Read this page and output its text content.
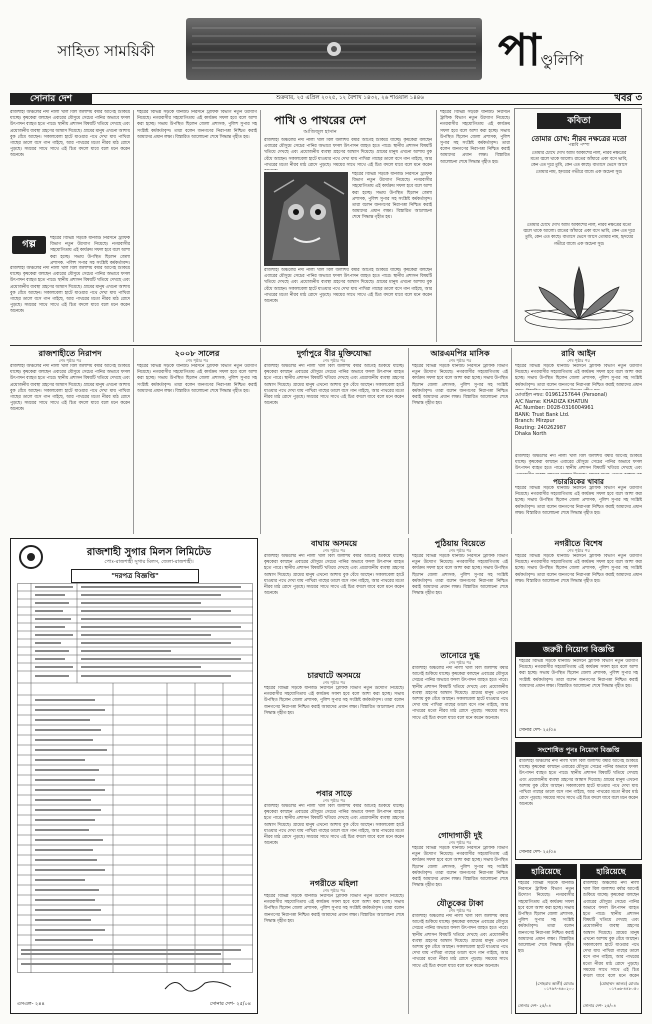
সাহিত্য সাময়িকী	পাণ্ডুলিপি
সোনার দেশ	শুক্রবার, ২৫ এপ্রিল ২০২৫, ১২ বৈশাখ ১৪৩২, ২৬ শাওয়াল ১৪৪৬	খবর ৩
রাজশাহী অঞ্চলের নদী নালা খাল বিল জলাশয় বর্ষার আগেই শুকিয়ে যাচ্ছে। কৃষকেরা বলছেন এবারের মৌসুমে সেচের পানির অভাবে ফসল উৎপাদন ব্যাহত হতে পারে। স্থানীয় প্রশাসন বিষয়টি খতিয়ে দেখছে এবং প্রয়োজনীয় ব্যবস্থা গ্রহণের আশ্বাস দিয়েছে। গ্রামের মানুষ এখনো আশায় বুক বেঁধে আছেন। সকালবেলা হাটে যাওয়ার পথে দেখা যায় পাখিরা গাছের ডালে বসে গান গাইছে, আর পাথরের মতো নীরব মাঠ রোদে পুড়ছে। সময়ের সাথে সাথে এই চিত্র বদলে যাবে বলে মনে করেন অনেকে।
গল্প
শহরের বিভিন্ন সড়কে যানজট নিরসনে ট্রাফিক বিভাগ নতুন উদ্যোগ নিয়েছে। নগরবাসীর সহযোগিতায় এই কার্যক্রম সফল হবে বলে আশা করা হচ্ছে। সভায় উপস্থিত ছিলেন জেলা প্রশাসক, পুলিশ সুপার সহ সংশ্লিষ্ট কর্মকর্তাবৃন্দ।
রাজশাহী অঞ্চলের নদী নালা খাল বিল জলাশয় বর্ষার আগেই শুকিয়ে যাচ্ছে। কৃষকেরা বলছেন এবারের মৌসুমে সেচের পানির অভাবে ফসল উৎপাদন ব্যাহত হতে পারে। স্থানীয় প্রশাসন বিষয়টি খতিয়ে দেখছে এবং প্রয়োজনীয় ব্যবস্থা গ্রহণের আশ্বাস দিয়েছে। গ্রামের মানুষ এখনো আশায় বুক বেঁধে আছেন। সকালবেলা হাটে যাওয়ার পথে দেখা যায় পাখিরা গাছের ডালে বসে গান গাইছে, আর পাথরের মতো নীরব মাঠ রোদে পুড়ছে। সময়ের সাথে সাথে এই চিত্র বদলে যাবে বলে মনে করেন অনেকে।
শহরের বিভিন্ন সড়কে যানজট নিরসনে ট্রাফিক বিভাগ নতুন উদ্যোগ নিয়েছে। নগরবাসীর সহযোগিতায় এই কার্যক্রম সফল হবে বলে আশা করা হচ্ছে। সভায় উপস্থিত ছিলেন জেলা প্রশাসক, পুলিশ সুপার সহ সংশ্লিষ্ট কর্মকর্তাবৃন্দ। তারা বলেন জনগণের নিরাপত্তা নিশ্চিত করাই আমাদের প্রধান লক্ষ্য। বিস্তারিত আলোচনা শেষে সিদ্ধান্ত গৃহীত হয়।
পাখি ও পাথরের দেশ
আজিজুল হাসান
রাজশাহী অঞ্চলের নদী নালা খাল বিল জলাশয় বর্ষার আগেই শুকিয়ে যাচ্ছে। কৃষকেরা বলছেন এবারের মৌসুমে সেচের পানির অভাবে ফসল উৎপাদন ব্যাহত হতে পারে। স্থানীয় প্রশাসন বিষয়টি খতিয়ে দেখছে এবং প্রয়োজনীয় ব্যবস্থা গ্রহণের আশ্বাস দিয়েছে। গ্রামের মানুষ এখনো আশায় বুক বেঁধে আছেন। সকালবেলা হাটে যাওয়ার পথে দেখা যায় পাখিরা গাছের ডালে বসে গান গাইছে, আর পাথরের মতো নীরব মাঠ রোদে পুড়ছে। সময়ের সাথে সাথে এই চিত্র বদলে যাবে বলে মনে করেন
শহরের বিভিন্ন সড়কে যানজট নিরসনে ট্রাফিক বিভাগ নতুন উদ্যোগ নিয়েছে। নগরবাসীর সহযোগিতায় এই কার্যক্রম সফল হবে বলে আশা করা হচ্ছে। সভায় উপস্থিত ছিলেন জেলা প্রশাসক, পুলিশ সুপার সহ সংশ্লিষ্ট কর্মকর্তাবৃন্দ। তারা বলেন জনগণের নিরাপত্তা নিশ্চিত করাই আমাদের প্রধান লক্ষ্য। বিস্তারিত আলোচনা শেষে সিদ্ধান্ত গৃহীত হয়।
রাজশাহী অঞ্চলের নদী নালা খাল বিল জলাশয় বর্ষার আগেই শুকিয়ে যাচ্ছে। কৃষকেরা বলছেন এবারের মৌসুমে সেচের পানির অভাবে ফসল উৎপাদন ব্যাহত হতে পারে। স্থানীয় প্রশাসন বিষয়টি খতিয়ে দেখছে এবং প্রয়োজনীয় ব্যবস্থা গ্রহণের আশ্বাস দিয়েছে। গ্রামের মানুষ এখনো আশায় বুক বেঁধে আছেন। সকালবেলা হাটে যাওয়ার পথে দেখা যায় পাখিরা গাছের ডালে বসে গান গাইছে, আর পাথরের মতো নীরব মাঠ রোদে পুড়ছে। সময়ের সাথে সাথে এই চিত্র বদলে যাবে বলে মনে করেন অনেকে।
শহরের বিভিন্ন সড়কে যানজট নিরসনে ট্রাফিক বিভাগ নতুন উদ্যোগ নিয়েছে। নগরবাসীর সহযোগিতায় এই কার্যক্রম সফল হবে বলে আশা করা হচ্ছে। সভায় উপস্থিত ছিলেন জেলা প্রশাসক, পুলিশ সুপার সহ সংশ্লিষ্ট কর্মকর্তাবৃন্দ। তারা বলেন জনগণের নিরাপত্তা নিশ্চিত করাই আমাদের প্রধান লক্ষ্য। বিস্তারিত আলোচনা শেষে সিদ্ধান্ত গৃহীত হয়।
কবিতা
তোমার চোখ: নীরব নক্ষত্রের মতো
পল্লবি পম্পা
তোমার চোখে দেখি আমি আকাশের নীল, নীরব নক্ষত্রের মতো জ্বলে থাকে আলো। রাতের আঁধারে একা বসে ভাবি, কেন এত দূরে তুমি, কেন এত কাছে। বাতাসে ভেসে আসে তোমার নাম, হৃদয়ের গভীরে বাজে এক অচেনা সুর।
তোমার চোখে দেখি আমি আকাশের নীল, নীরব নক্ষত্রের মতো জ্বলে থাকে আলো। রাতের আঁধারে একা বসে ভাবি, কেন এত দূরে তুমি, কেন এত কাছে। বাতাসে ভেসে আসে তোমার নাম, হৃদয়ের গভীরে বাজে এক অচেনা সুর।
রাজশাহীতে নিরাপদ
শেষ পৃষ্ঠার পর
রাজশাহী অঞ্চলের নদী নালা খাল বিল জলাশয় বর্ষার আগেই শুকিয়ে যাচ্ছে। কৃষকেরা বলছেন এবারের মৌসুমে সেচের পানির অভাবে ফসল উৎপাদন ব্যাহত হতে পারে। স্থানীয় প্রশাসন বিষয়টি খতিয়ে দেখছে এবং প্রয়োজনীয় ব্যবস্থা গ্রহণের আশ্বাস দিয়েছে। গ্রামের মানুষ এখনো আশায় বুক বেঁধে আছেন। সকালবেলা হাটে যাওয়ার পথে দেখা যায় পাখিরা গাছের ডালে বসে গান গাইছে, আর পাথরের মতো নীরব মাঠ রোদে পুড়ছে। সময়ের সাথে সাথে এই চিত্র বদলে যাবে বলে মনে করেন অনেকে।
২০০৮ সালের
শেষ পৃষ্ঠার পর
শহরের বিভিন্ন সড়কে যানজট নিরসনে ট্রাফিক বিভাগ নতুন উদ্যোগ নিয়েছে। নগরবাসীর সহযোগিতায় এই কার্যক্রম সফল হবে বলে আশা করা হচ্ছে। সভায় উপস্থিত ছিলেন জেলা প্রশাসক, পুলিশ সুপার সহ সংশ্লিষ্ট কর্মকর্তাবৃন্দ। তারা বলেন জনগণের নিরাপত্তা নিশ্চিত করাই আমাদের প্রধান লক্ষ্য। বিস্তারিত আলোচনা শেষে সিদ্ধান্ত গৃহীত হয়।
দুর্গাপুরে বীর মুক্তিযোদ্ধা
শেষ পৃষ্ঠার পর
রাজশাহী অঞ্চলের নদী নালা খাল বিল জলাশয় বর্ষার আগেই শুকিয়ে যাচ্ছে। কৃষকেরা বলছেন এবারের মৌসুমে সেচের পানির অভাবে ফসল উৎপাদন ব্যাহত হতে পারে। স্থানীয় প্রশাসন বিষয়টি খতিয়ে দেখছে এবং প্রয়োজনীয় ব্যবস্থা গ্রহণের আশ্বাস দিয়েছে। গ্রামের মানুষ এখনো আশায় বুক বেঁধে আছেন। সকালবেলা হাটে যাওয়ার পথে দেখা যায় পাখিরা গাছের ডালে বসে গান গাইছে, আর পাথরের মতো নীরব মাঠ রোদে পুড়ছে। সময়ের সাথে সাথে এই চিত্র বদলে যাবে বলে মনে করেন অনেকে।
আরএমপির মাসিক
শেষ পৃষ্ঠার পর
শহরের বিভিন্ন সড়কে যানজট নিরসনে ট্রাফিক বিভাগ নতুন উদ্যোগ নিয়েছে। নগরবাসীর সহযোগিতায় এই কার্যক্রম সফল হবে বলে আশা করা হচ্ছে। সভায় উপস্থিত ছিলেন জেলা প্রশাসক, পুলিশ সুপার সহ সংশ্লিষ্ট কর্মকর্তাবৃন্দ। তারা বলেন জনগণের নিরাপত্তা নিশ্চিত করাই আমাদের প্রধান লক্ষ্য। বিস্তারিত আলোচনা শেষে সিদ্ধান্ত গৃহীত হয়।
রাবি আইন
শেষ পৃষ্ঠার পর
শহরের বিভিন্ন সড়কে যানজট নিরসনে ট্রাফিক বিভাগ নতুন উদ্যোগ নিয়েছে। নগরবাসীর সহযোগিতায় এই কার্যক্রম সফল হবে বলে আশা করা হচ্ছে। সভায় উপস্থিত ছিলেন জেলা প্রশাসক, পুলিশ সুপার সহ সংশ্লিষ্ট কর্মকর্তাবৃন্দ। তারা বলেন জনগণের নিরাপত্তা নিশ্চিত করাই আমাদের প্রধান
মোবাইল নম্বর: 01961257644 (Personal)
A/C Name: KHADIZA KHATUN
AC Number: D028-0316004961
BANK: Trust Bank Ltd.
Branch: Mirzpur
Routing: 240262987
Dhaka North
রাজশাহী অঞ্চলের নদী নালা খাল বিল জলাশয় বর্ষার আগেই শুকিয়ে যাচ্ছে। কৃষকেরা বলছেন এবারের মৌসুমে সেচের পানির অভাবে ফসল উৎপাদন ব্যাহত হতে পারে। স্থানীয় প্রশাসন বিষয়টি খতিয়ে দেখছে এবং
পচাররিকের খাবার
শহরের বিভিন্ন সড়কে যানজট নিরসনে ট্রাফিক বিভাগ নতুন উদ্যোগ নিয়েছে। নগরবাসীর সহযোগিতায় এই কার্যক্রম সফল হবে বলে আশা করা হচ্ছে। সভায় উপস্থিত ছিলেন জেলা প্রশাসক, পুলিশ সুপার সহ সংশ্লিষ্ট কর্মকর্তাবৃন্দ। তারা বলেন জনগণের নিরাপত্তা নিশ্চিত করাই আমাদের প্রধান লক্ষ্য। বিস্তারিত আলোচনা শেষে সিদ্ধান্ত গৃহীত হয়।
রাজশাহী সুগার মিলস লিমিটেড
পোঃ-রাজশাহী সুগার মিলস, জেলা-রাজশাহী।
"দরপত্র বিজ্ঞপ্তি"
এসএল- ২৪৪	সোনার দেশ- ২৫/০৪
বাঘায় অসময়ে
শেষ পৃষ্ঠার পর
রাজশাহী অঞ্চলের নদী নালা খাল বিল জলাশয় বর্ষার আগেই শুকিয়ে যাচ্ছে। কৃষকেরা বলছেন এবারের মৌসুমে সেচের পানির অভাবে ফসল উৎপাদন ব্যাহত হতে পারে। স্থানীয় প্রশাসন বিষয়টি খতিয়ে দেখছে এবং প্রয়োজনীয় ব্যবস্থা গ্রহণের আশ্বাস দিয়েছে। গ্রামের মানুষ এখনো আশায় বুক বেঁধে আছেন। সকালবেলা হাটে যাওয়ার পথে দেখা যায় পাখিরা গাছের ডালে বসে গান গাইছে, আর পাথরের মতো নীরব মাঠ রোদে পুড়ছে। সময়ের সাথে সাথে এই চিত্র বদলে যাবে বলে মনে করেন অনেকে।
চারঘাটে অসময়ে
শেষ পৃষ্ঠার পর
শহরের বিভিন্ন সড়কে যানজট নিরসনে ট্রাফিক বিভাগ নতুন উদ্যোগ নিয়েছে। নগরবাসীর সহযোগিতায় এই কার্যক্রম সফল হবে বলে আশা করা হচ্ছে। সভায় উপস্থিত ছিলেন জেলা প্রশাসক, পুলিশ সুপার সহ সংশ্লিষ্ট কর্মকর্তাবৃন্দ। তারা বলেন জনগণের নিরাপত্তা নিশ্চিত করাই আমাদের প্রধান লক্ষ্য। বিস্তারিত আলোচনা শেষে সিদ্ধান্ত গৃহীত হয়।
পবার সাড়ে
শেষ পৃষ্ঠার পর
রাজশাহী অঞ্চলের নদী নালা খাল বিল জলাশয় বর্ষার আগেই শুকিয়ে যাচ্ছে। কৃষকেরা বলছেন এবারের মৌসুমে সেচের পানির অভাবে ফসল উৎপাদন ব্যাহত হতে পারে। স্থানীয় প্রশাসন বিষয়টি খতিয়ে দেখছে এবং প্রয়োজনীয় ব্যবস্থা গ্রহণের আশ্বাস দিয়েছে। গ্রামের মানুষ এখনো আশায় বুক বেঁধে আছেন। সকালবেলা হাটে যাওয়ার পথে দেখা যায় পাখিরা গাছের ডালে বসে গান গাইছে, আর পাথরের মতো নীরব মাঠ রোদে পুড়ছে। সময়ের সাথে সাথে এই চিত্র বদলে যাবে বলে মনে করেন অনেকে।
নগরীতে মহিলা
শেষ পৃষ্ঠার পর
শহরের বিভিন্ন সড়কে যানজট নিরসনে ট্রাফিক বিভাগ নতুন উদ্যোগ নিয়েছে। নগরবাসীর সহযোগিতায় এই কার্যক্রম সফল হবে বলে আশা করা হচ্ছে। সভায় উপস্থিত ছিলেন জেলা প্রশাসক, পুলিশ সুপার সহ সংশ্লিষ্ট কর্মকর্তাবৃন্দ। তারা বলেন জনগণের নিরাপত্তা নিশ্চিত করাই আমাদের প্রধান লক্ষ্য। বিস্তারিত আলোচনা শেষে সিদ্ধান্ত গৃহীত হয়।
পুঠিয়ায় বিয়েতে
শেষ পৃষ্ঠার পর
শহরের বিভিন্ন সড়কে যানজট নিরসনে ট্রাফিক বিভাগ নতুন উদ্যোগ নিয়েছে। নগরবাসীর সহযোগিতায় এই কার্যক্রম সফল হবে বলে আশা করা হচ্ছে। সভায় উপস্থিত ছিলেন জেলা প্রশাসক, পুলিশ সুপার সহ সংশ্লিষ্ট কর্মকর্তাবৃন্দ। তারা বলেন জনগণের নিরাপত্তা নিশ্চিত করাই আমাদের প্রধান লক্ষ্য। বিস্তারিত আলোচনা শেষে সিদ্ধান্ত গৃহীত হয়।
তানোরে দুগ্ধ
শেষ পৃষ্ঠার পর
রাজশাহী অঞ্চলের নদী নালা খাল বিল জলাশয় বর্ষার আগেই শুকিয়ে যাচ্ছে। কৃষকেরা বলছেন এবারের মৌসুমে সেচের পানির অভাবে ফসল উৎপাদন ব্যাহত হতে পারে। স্থানীয় প্রশাসন বিষয়টি খতিয়ে দেখছে এবং প্রয়োজনীয় ব্যবস্থা গ্রহণের আশ্বাস দিয়েছে। গ্রামের মানুষ এখনো আশায় বুক বেঁধে আছেন। সকালবেলা হাটে যাওয়ার পথে দেখা যায় পাখিরা গাছের ডালে বসে গান গাইছে, আর পাথরের মতো নীরব মাঠ রোদে পুড়ছে। সময়ের সাথে সাথে এই চিত্র বদলে যাবে বলে মনে করেন অনেকে।
গোদাগাড়ী দুই
শেষ পৃষ্ঠার পর
শহরের বিভিন্ন সড়কে যানজট নিরসনে ট্রাফিক বিভাগ নতুন উদ্যোগ নিয়েছে। নগরবাসীর সহযোগিতায় এই কার্যক্রম সফল হবে বলে আশা করা হচ্ছে। সভায় উপস্থিত ছিলেন জেলা প্রশাসক, পুলিশ সুপার সহ সংশ্লিষ্ট কর্মকর্তাবৃন্দ। তারা বলেন জনগণের নিরাপত্তা নিশ্চিত করাই আমাদের প্রধান লক্ষ্য। বিস্তারিত আলোচনা শেষে সিদ্ধান্ত গৃহীত হয়।
যৌতুকের টাকা
শেষ পৃষ্ঠার পর
রাজশাহী অঞ্চলের নদী নালা খাল বিল জলাশয় বর্ষার আগেই শুকিয়ে যাচ্ছে। কৃষকেরা বলছেন এবারের মৌসুমে সেচের পানির অভাবে ফসল উৎপাদন ব্যাহত হতে পারে। স্থানীয় প্রশাসন বিষয়টি খতিয়ে দেখছে এবং প্রয়োজনীয় ব্যবস্থা গ্রহণের আশ্বাস দিয়েছে। গ্রামের মানুষ এখনো আশায় বুক বেঁধে আছেন। সকালবেলা হাটে যাওয়ার পথে দেখা যায় পাখিরা গাছের ডালে বসে গান গাইছে, আর পাথরের মতো নীরব মাঠ রোদে পুড়ছে। সময়ের সাথে সাথে এই চিত্র বদলে যাবে বলে মনে করেন অনেকে।
নগরীতে বিশেষ
শেষ পৃষ্ঠার পর
শহরের বিভিন্ন সড়কে যানজট নিরসনে ট্রাফিক বিভাগ নতুন উদ্যোগ নিয়েছে। নগরবাসীর সহযোগিতায় এই কার্যক্রম সফল হবে বলে আশা করা হচ্ছে। সভায় উপস্থিত ছিলেন জেলা প্রশাসক, পুলিশ সুপার সহ সংশ্লিষ্ট কর্মকর্তাবৃন্দ। তারা বলেন জনগণের নিরাপত্তা নিশ্চিত করাই আমাদের প্রধান লক্ষ্য। বিস্তারিত আলোচনা শেষে সিদ্ধান্ত গৃহীত হয়।
জরুরী নিয়োগ বিজ্ঞপ্তি
শহরের বিভিন্ন সড়কে যানজট নিরসনে ট্রাফিক বিভাগ নতুন উদ্যোগ নিয়েছে। নগরবাসীর সহযোগিতায় এই কার্যক্রম সফল হবে বলে আশা করা হচ্ছে। সভায় উপস্থিত ছিলেন জেলা প্রশাসক, পুলিশ সুপার সহ সংশ্লিষ্ট কর্মকর্তাবৃন্দ। তারা বলেন জনগণের নিরাপত্তা নিশ্চিত করাই আমাদের প্রধান লক্ষ্য। বিস্তারিত আলোচনা শেষে সিদ্ধান্ত গৃহীত হয়।
সোনার দেশ- ২৫/০৪
সংশোধিত পুনঃ নিয়োগ বিজ্ঞপ্তি
রাজশাহী অঞ্চলের নদী নালা খাল বিল জলাশয় বর্ষার আগেই শুকিয়ে যাচ্ছে। কৃষকেরা বলছেন এবারের মৌসুমে সেচের পানির অভাবে ফসল উৎপাদন ব্যাহত হতে পারে। স্থানীয় প্রশাসন বিষয়টি খতিয়ে দেখছে এবং প্রয়োজনীয় ব্যবস্থা গ্রহণের আশ্বাস দিয়েছে। গ্রামের মানুষ এখনো আশায় বুক বেঁধে আছেন। সকালবেলা হাটে যাওয়ার পথে দেখা যায় পাখিরা গাছের ডালে বসে গান গাইছে, আর পাথরের মতো নীরব মাঠ রোদে পুড়ছে। সময়ের সাথে সাথে এই চিত্র বদলে যাবে বলে মনে করেন অনেকে।
সোনার দেশ- ২৫/০৪
হারিয়েছে
শহরের বিভিন্ন সড়কে যানজট নিরসনে ট্রাফিক বিভাগ নতুন উদ্যোগ নিয়েছে। নগরবাসীর সহযোগিতায় এই কার্যক্রম সফল হবে বলে আশা করা হচ্ছে। সভায় উপস্থিত ছিলেন জেলা প্রশাসক, পুলিশ সুপার সহ সংশ্লিষ্ট কর্মকর্তাবৃন্দ। তারা বলেন জনগণের নিরাপত্তা নিশ্চিত করাই আমাদের প্রধান লক্ষ্য। বিস্তারিত আলোচনা শেষে সিদ্ধান্ত গৃহীত হয়।
(সোহরাব আলী) মোবাঃ ০১৭৬৭-৪৬০২০০
সোনার দেশ- ২৫/০৪
হারিয়েছে
রাজশাহী অঞ্চলের নদী নালা খাল বিল জলাশয় বর্ষার আগেই শুকিয়ে যাচ্ছে। কৃষকেরা বলছেন এবারের মৌসুমে সেচের পানির অভাবে ফসল উৎপাদন ব্যাহত হতে পারে। স্থানীয় প্রশাসন বিষয়টি খতিয়ে দেখছে এবং প্রয়োজনীয় ব্যবস্থা গ্রহণের আশ্বাস দিয়েছে। গ্রামের মানুষ এখনো আশায় বুক বেঁধে আছেন। সকালবেলা হাটে যাওয়ার পথে দেখা যায় পাখিরা গাছের ডালে বসে গান গাইছে, আর পাথরের মতো নীরব মাঠ রোদে পুড়ছে। সময়ের সাথে সাথে এই চিত্র বদলে যাবে বলে মনে করেন
(মোহাম্মদ আলম) মোবাঃ ০১৭৩৬-৪৪৮০৫০
সোনার দেশ- ২৫/০৪
